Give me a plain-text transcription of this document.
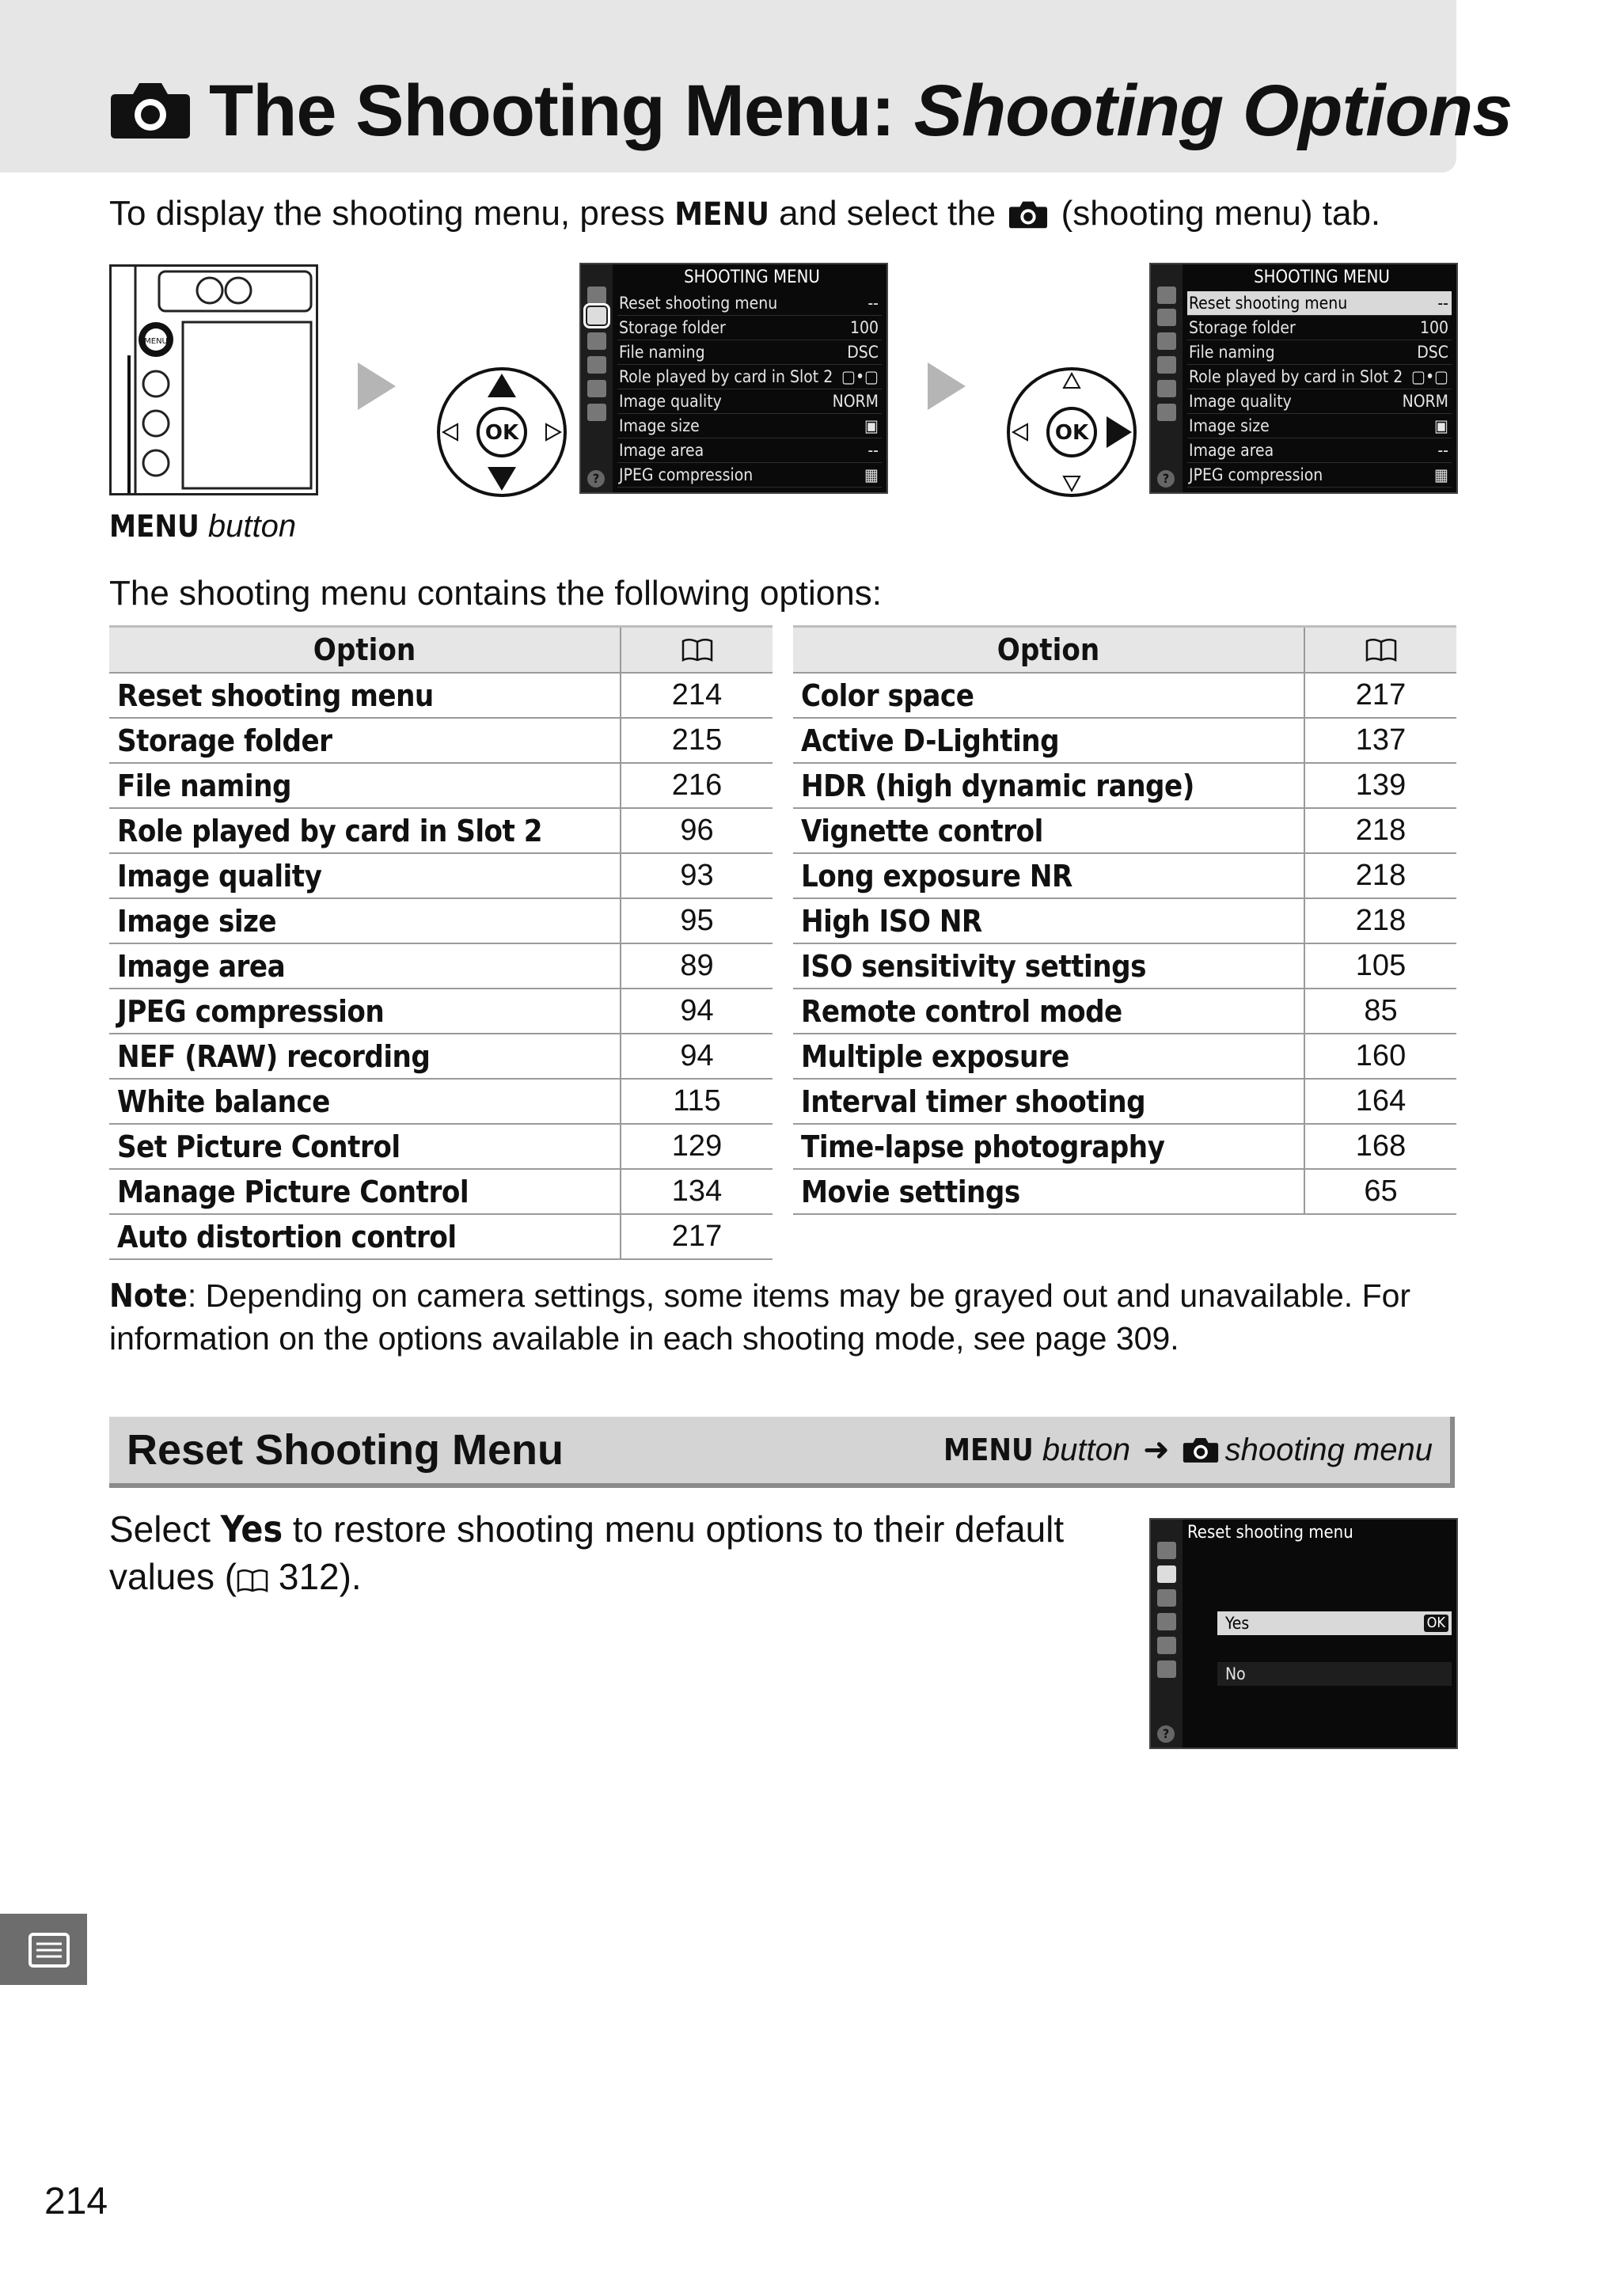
The Shooting Menu: Shooting Options
To display the shooting menu, press MENU and select the  (shooting menu) tab.
MENU
MENU button
OK
?
SHOOTING MENU
Reset shooting menu	--
Storage folder	100
File naming	DSC
Role played by card in Slot 2 ▢•▢
Image quality	NORM
Image size	▣
Image area	--
JPEG compression	▦
OK
?
SHOOTING MENU
Reset shooting menu	--
Storage folder	100
File naming	DSC
Role played by card in Slot 2 ▢•▢
Image quality	NORM
Image size	▣
Image area	--
JPEG compression	▦
The shooting menu contains the following options:
Option	
Reset shooting menu	214
Storage folder	215
File naming	216
Role played by card in Slot 2	96
Image quality	93
Image size	95
Image area	89
JPEG compression	94
NEF (RAW) recording	94
White balance	115
Set Picture Control	129
Manage Picture Control	134
Auto distortion control	217
Option	
Color space	217
Active D-Lighting	137
HDR (high dynamic range)	139
Vignette control	218
Long exposure NR	218
High ISO NR	218
ISO sensitivity settings	105
Remote control mode	85
Multiple exposure	160
Interval timer shooting	164
Time-lapse photography	168
Movie settings	65
Note: Depending on camera settings, some items may be grayed out and unavailable. For information on the options available in each shooting mode, see page 309.
Reset Shooting Menu	MENU button ➜ shooting menu
Select Yes to restore shooting menu options to their default values ( 312).
?
Reset shooting menu
Yes	OK
No
214
